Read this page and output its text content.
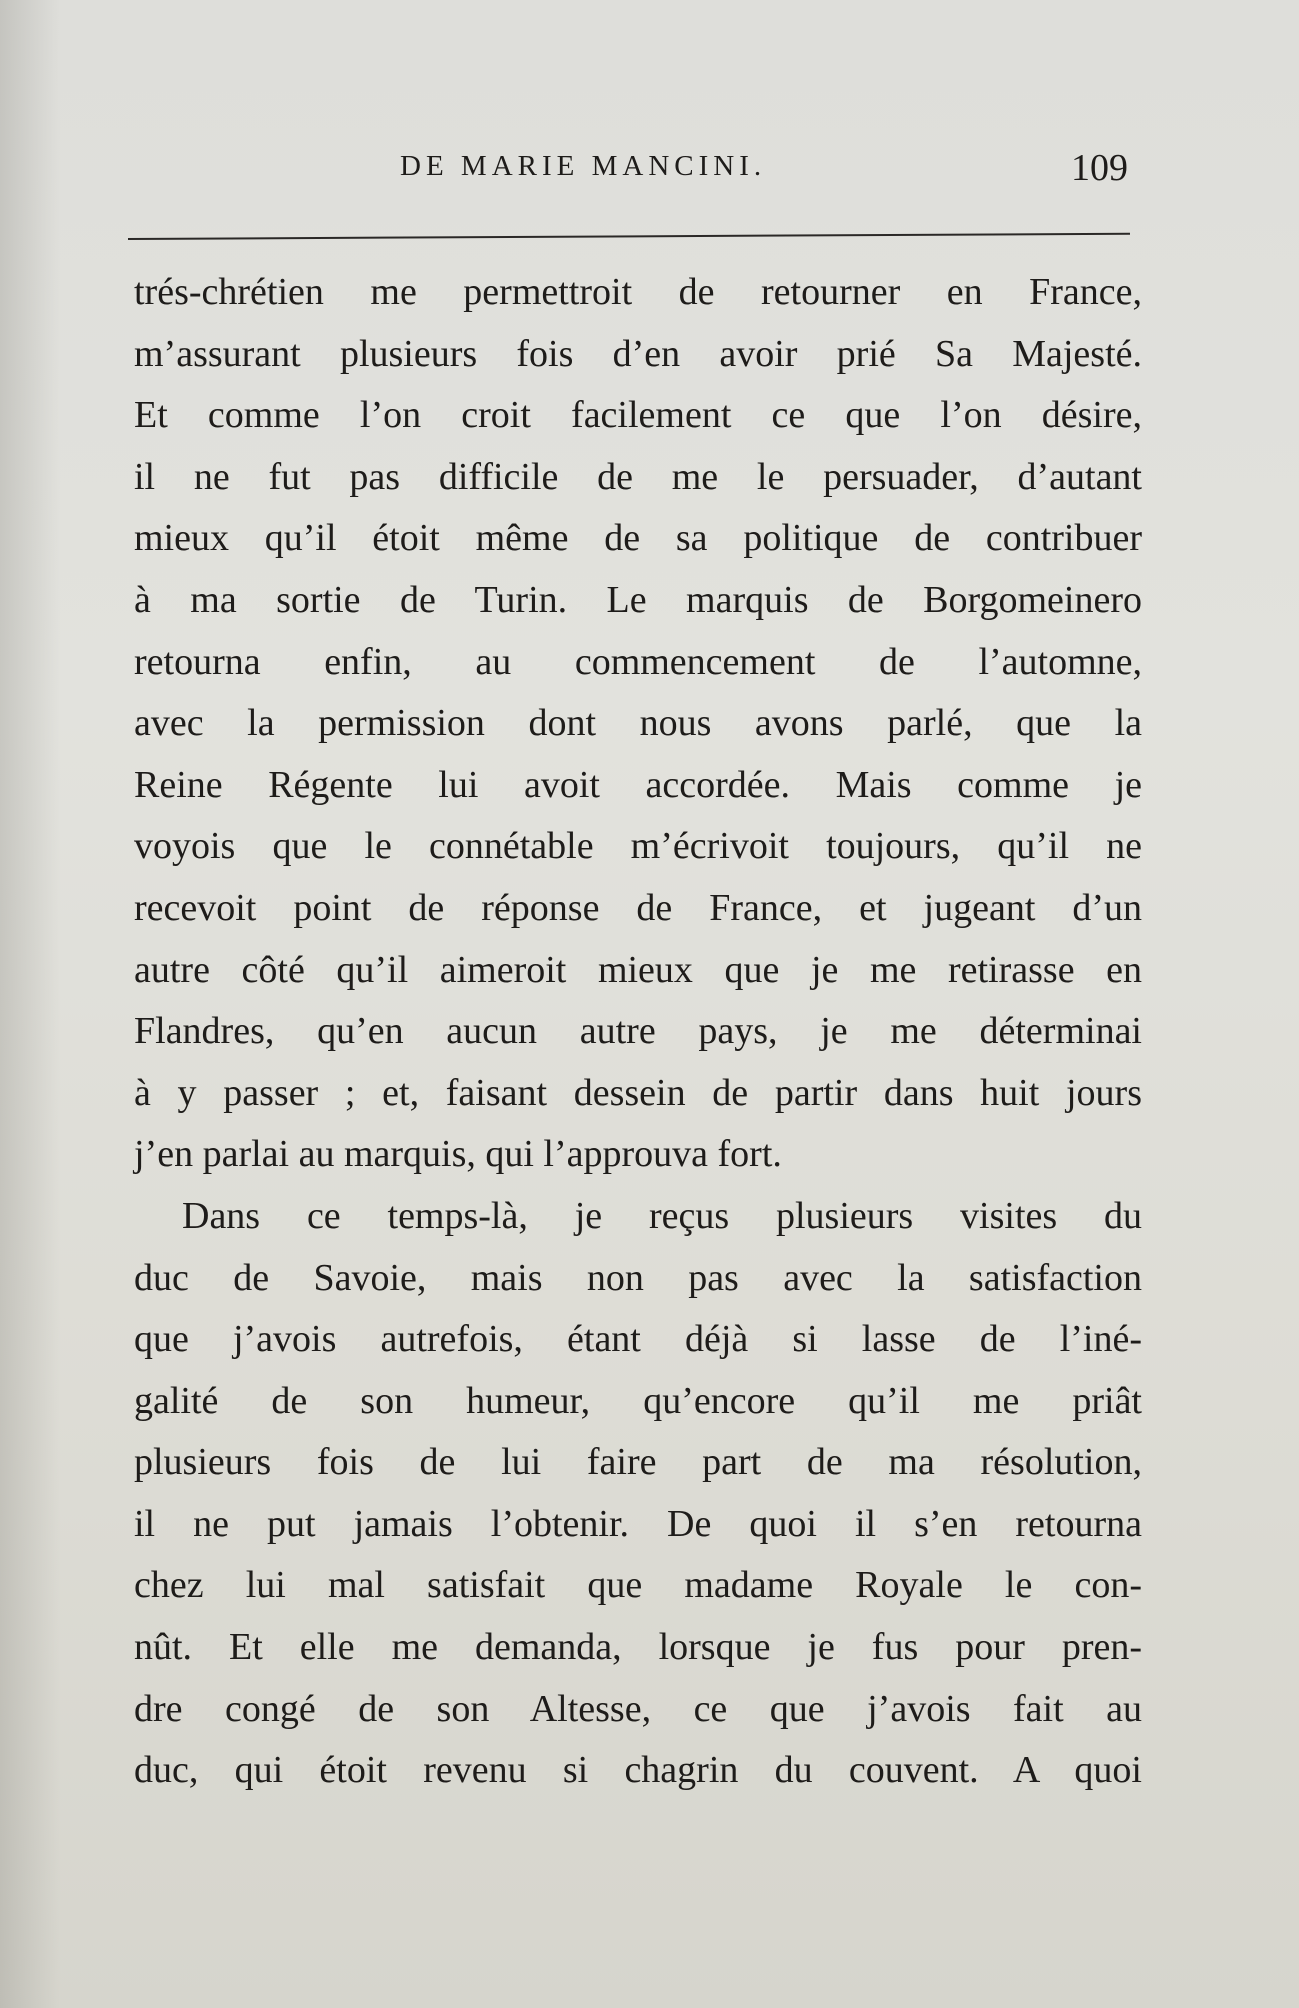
DE MARIE MANCINI.	109
trés-chrétien me permettroit de retourner en France,
m’assurant plusieurs fois d’en avoir prié Sa Majesté.
Et comme l’on croit facilement ce que l’on désire,
il ne fut pas difficile de me le persuader, d’autant
mieux qu’il étoit même de sa politique de contribuer
à ma sortie de Turin. Le marquis de Borgomeinero
retourna enfin, au commencement de l’automne,
avec la permission dont nous avons parlé, que la
Reine Régente lui avoit accordée. Mais comme je
voyois que le connétable m’écrivoit toujours, qu’il ne
recevoit point de réponse de France, et jugeant d’un
autre côté qu’il aimeroit mieux que je me retirasse en
Flandres, qu’en aucun autre pays, je me déterminai
à y passer ; et, faisant dessein de partir dans huit jours
j’en parlai au marquis, qui l’approuva fort.
Dans ce temps-là, je reçus plusieurs visites du
duc de Savoie, mais non pas avec la satisfaction
que j’avois autrefois, étant déjà si lasse de l’iné-
galité de son humeur, qu’encore qu’il me priât
plusieurs fois de lui faire part de ma résolution,
il ne put jamais l’obtenir. De quoi il s’en retourna
chez lui mal satisfait que madame Royale le con-
nût. Et elle me demanda, lorsque je fus pour pren-
dre congé de son Altesse, ce que j’avois fait au
duc, qui étoit revenu si chagrin du couvent. A quoi
